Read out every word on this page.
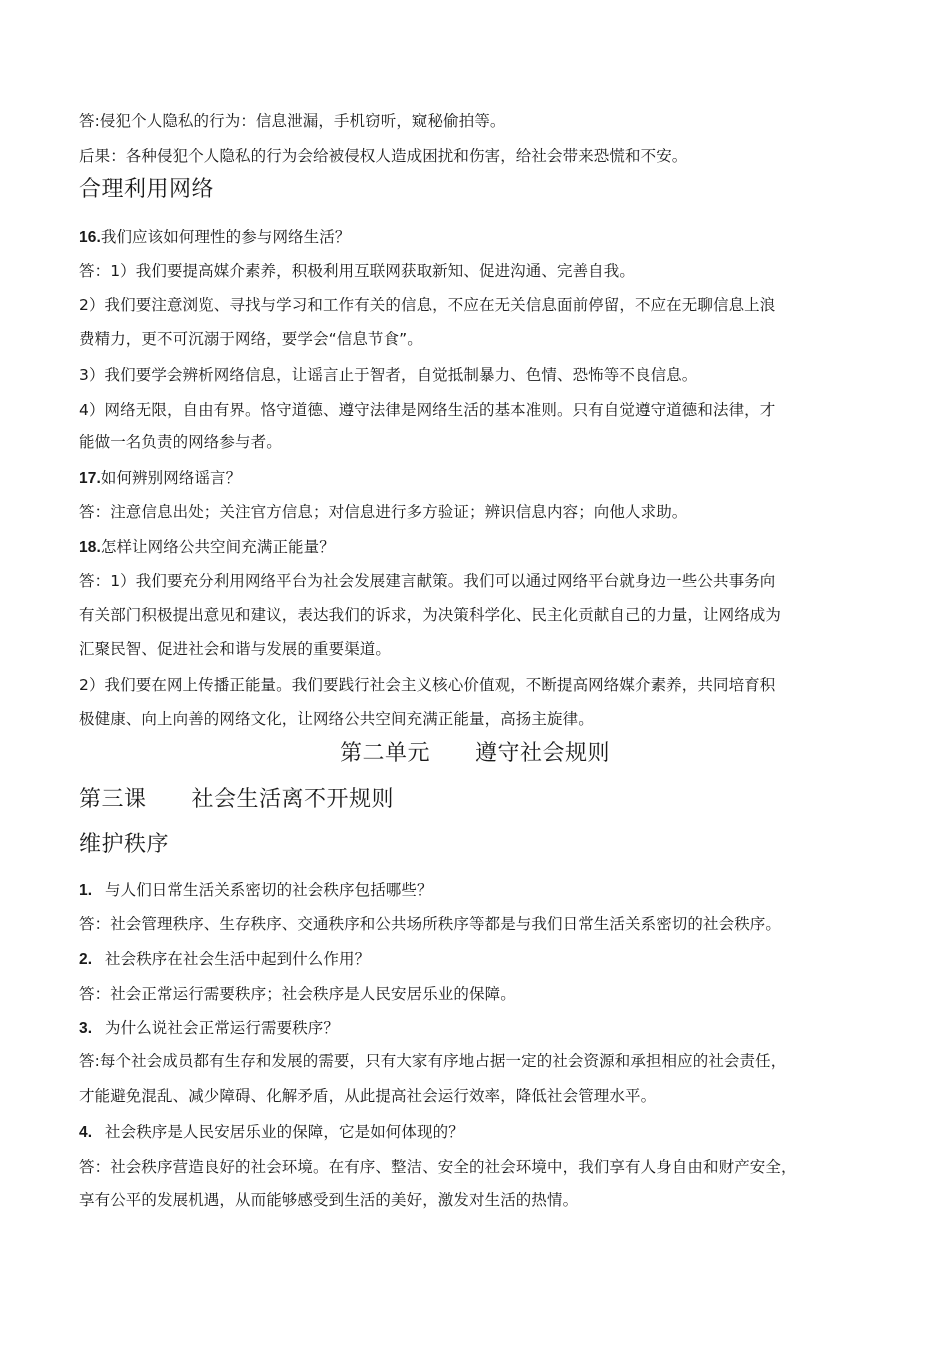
答:侵犯个人隐私的行为：信息泄漏，手机窃听，窥秘偷拍等。
后果：各种侵犯个人隐私的行为会给被侵权人造成困扰和伤害，给社会带来恐慌和不安。
合理利用网络
16.我们应该如何理性的参与网络生活？
答：1）我们要提高媒介素养，积极利用互联网获取新知、促进沟通、完善自我。
2）我们要注意浏览、寻找与学习和工作有关的信息，不应在无关信息面前停留，不应在无聊信息上浪
费精力，更不可沉溺于网络，要学会“信息节食”。
3）我们要学会辨析网络信息，让谣言止于智者，自觉抵制暴力、色情、恐怖等不良信息。
4）网络无限，自由有界。恪守道德、遵守法律是网络生活的基本准则。只有自觉遵守道德和法律，才
能做一名负责的网络参与者。
17.如何辨别网络谣言？
答：注意信息出处；关注官方信息；对信息进行多方验证；辨识信息内容；向他人求助。
18.怎样让网络公共空间充满正能量？
答：1）我们要充分利用网络平台为社会发展建言献策。我们可以通过网络平台就身边一些公共事务向
有关部门积极提出意见和建议，表达我们的诉求，为决策科学化、民主化贡献自己的力量，让网络成为
汇聚民智、促进社会和谐与发展的重要渠道。
2）我们要在网上传播正能量。我们要践行社会主义核心价值观，不断提高网络媒介素养，共同培育积
极健康、向上向善的网络文化，让网络公共空间充满正能量，高扬主旋律。
第二单元      遵守社会规则
第三课      社会生活离不开规则
维护秩序
1. 与人们日常生活关系密切的社会秩序包括哪些？
答：社会管理秩序、生存秩序、交通秩序和公共场所秩序等都是与我们日常生活关系密切的社会秩序。
2. 社会秩序在社会生活中起到什么作用？
答：社会正常运行需要秩序；社会秩序是人民安居乐业的保障。
3. 为什么说社会正常运行需要秩序？
答:每个社会成员都有生存和发展的需要，只有大家有序地占据一定的社会资源和承担相应的社会责任，
才能避免混乱、减少障碍、化解矛盾，从此提高社会运行效率，降低社会管理水平。
4. 社会秩序是人民安居乐业的保障，它是如何体现的？
答：社会秩序营造良好的社会环境。在有序、整洁、安全的社会环境中，我们享有人身自由和财产安全，
享有公平的发展机遇，从而能够感受到生活的美好，激发对生活的热情。
